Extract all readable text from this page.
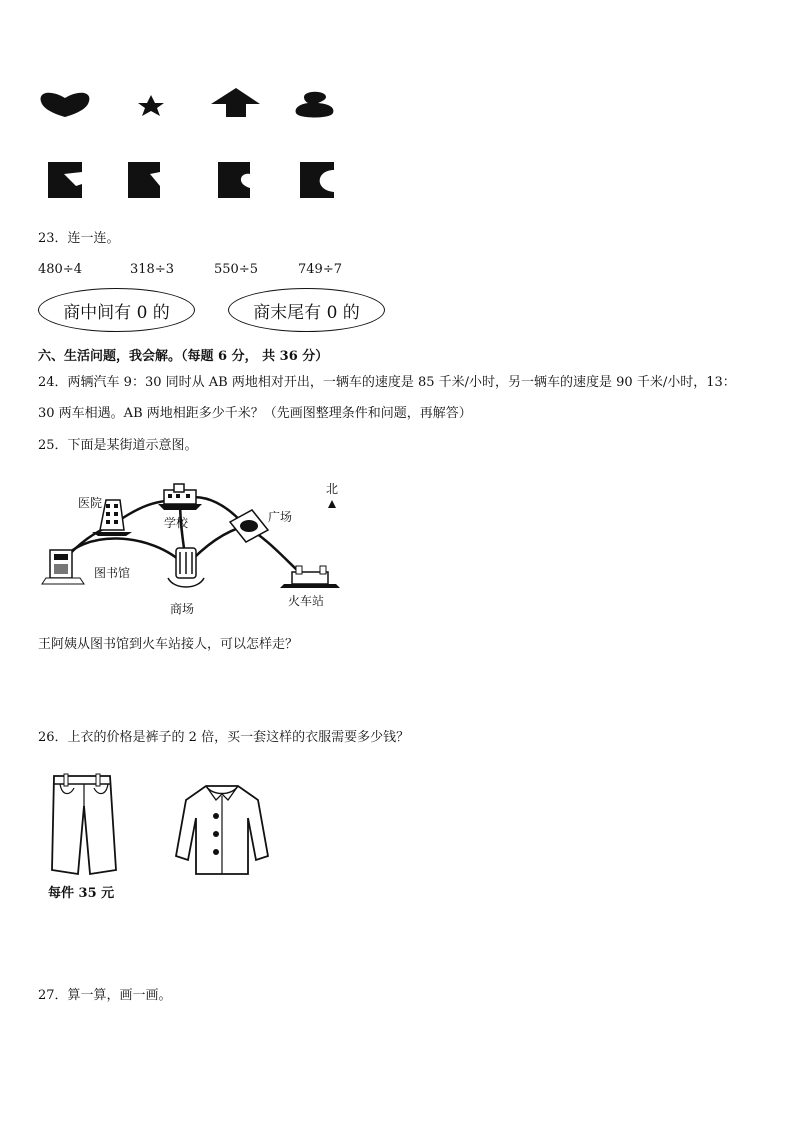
23．连一连。
480÷4	318÷3	550÷5	749÷7
商中间有 0 的	商末尾有 0 的
六、生活问题，我会解。（每题 6 分， 共 36 分）
24．两辆汽车 9：30 同时从 AB 两地相对开出，一辆车的速度是 85 千米/小时，另一辆车的速度是 90 千米/小时，13：
30 两车相遇。AB 两地相距多少千米？（先画图整理条件和问题，再解答）
25．下面是某街道示意图。
医院
学校	广场
图书馆
商场
火车站
北
王阿姨从图书馆到火车站接人，可以怎样走？
26．上衣的价格是裤子的 2 倍，买一套这样的衣服需要多少钱？
每件 35 元
27．算一算，画一画。
